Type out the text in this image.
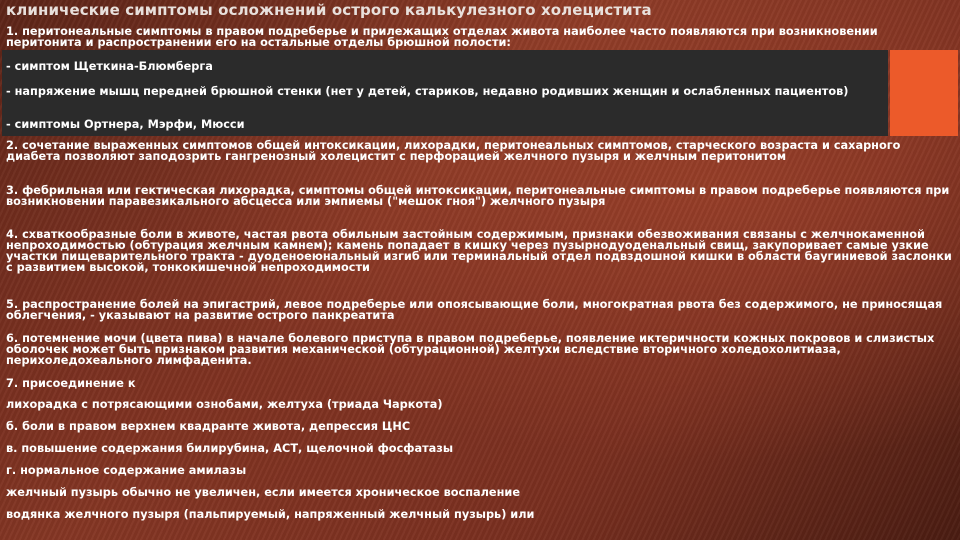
клинические симптомы осложнений острого калькулезного холецистита
1. перитонеальные симптомы в правом подреберье и прилежащих отделах живота наиболее часто появляются при возникновении перитонита и распространении его на остальные отделы брюшной полости:
- симптом Щеткина-Блюмберга
- напряжение мышц передней брюшной стенки (нет у детей, стариков, недавно родивших женщин и ослабленных пациентов)
- симптомы Ортнера, Мэрфи, Мюсси
2. сочетание выраженных симптомов общей интоксикации, лихорадки, перитонеальных симптомов, старческого возраста и сахарного диабета позволяют заподозрить гангренозный холецистит с перфорацией желчного пузыря и желчным перитонитом
3. фебрильная или гектическая лихорадка, симптомы общей интоксикации, перитонеальные симптомы в правом подреберье появляются при возникновении паравезикального абсцесса или эмпиемы ("мешок гноя") желчного пузыря
4. схваткообразные боли в животе, частая рвота обильным застойным содержимым, признаки обезвоживания связаны с желчнокаменной непроходимостью (обтурация желчным камнем); камень попадает в кишку через пузырнодуоденальный свищ, закупоривает самые узкие участки пищеварительного тракта - дуоденоеюнальный изгиб или терминальный отдел подвздошной кишки в области баугиниевой заслонки с развитием высокой, тонкокишечной непроходимости
5. распространение болей на эпигастрий, левое подреберье или опоясывающие боли, многократная рвота без содержимого, не приносящая облегчения, - указывают на развитие острого панкреатита
6. потемнение мочи (цвета пива) в начале болевого приступа в правом подреберье, появление иктеричности кожных покровов и слизистых оболочек может быть признаком развития механической (обтурационной) желтухи вследствие вторичного холедохолитиаза, перихоледохеального лимфаденита.
7. присоединение к
лихорадка с потрясающими ознобами, желтуха (триада Чаркота)
б. боли в правом верхнем квадранте живота, депрессия ЦНС
в. повышение содержания билирубина, АСТ, щелочной фосфатазы
г. нормальное содержание амилазы
желчный пузырь обычно не увеличен, если имеется хроническое воспаление
водянка желчного пузыря (пальпируемый, напряженный желчный пузырь) или
